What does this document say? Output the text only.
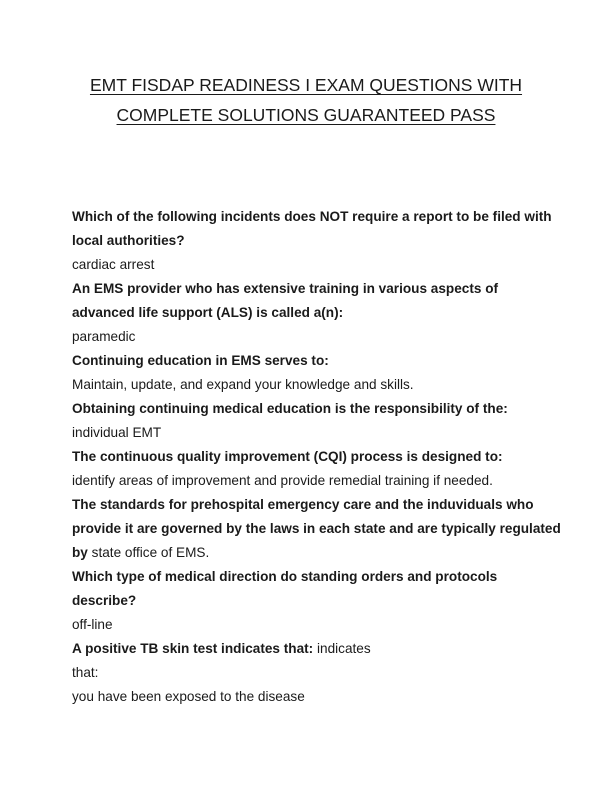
EMT FISDAP READINESS I EXAM QUESTIONS WITH
COMPLETE SOLUTIONS GUARANTEED PASS

Which of the following incidents does NOT require a report to be filed with local authorities?

cardiac arrest

An EMS provider who has extensive training in various aspects of advanced life support (ALS) is called a(n):

paramedic

Continuing education in EMS serves to:

Maintain, update, and expand your knowledge and skills.

Obtaining continuing medical education is the responsibility of the:

individual EMT

The continuous quality improvement (CQI) process is designed to:

identify areas of improvement and provide remedial training if needed.

The standards for prehospital emergency care and the induviduals who provide it are governed by the laws in each state and are typically regulated by state office of EMS.

Which type of medical direction do standing orders and protocols describe?

off-line

A positive TB skin test indicates that: indicates

that:

you have been exposed to the disease
